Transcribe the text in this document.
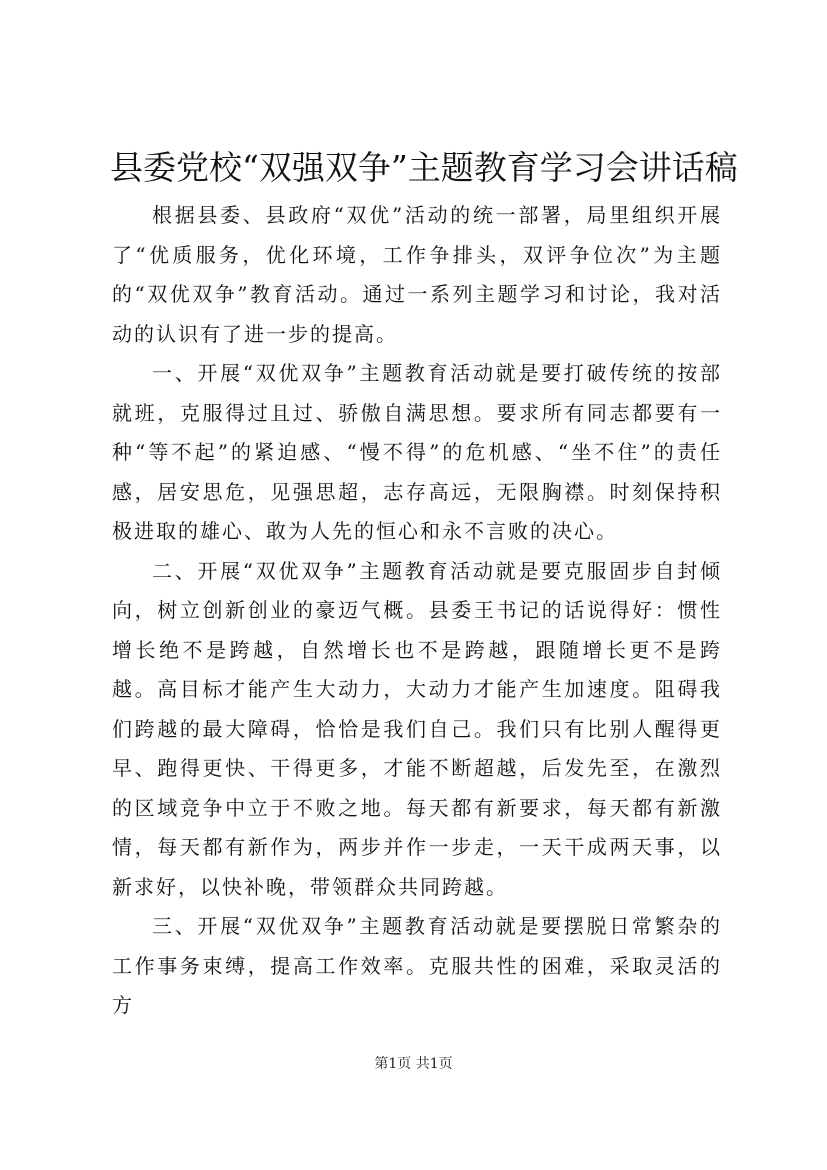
县委党校“双强双争”主题教育学习会讲话稿

根据县委、县政府“双优”活动的统一部署，局里组织开展了“优质服务，优化环境，工作争排头，双评争位次”为主题的“双优双争”教育活动。通过一系列主题学习和讨论，我对活动的认识有了进一步的提高。

一、开展“双优双争”主题教育活动就是要打破传统的按部就班，克服得过且过、骄傲自满思想。要求所有同志都要有一种“等不起”的紧迫感、“慢不得”的危机感、“坐不住”的责任感，居安思危，见强思超，志存高远，无限胸襟。时刻保持积极进取的雄心、敢为人先的恒心和永不言败的决心。

二、开展“双优双争”主题教育活动就是要克服固步自封倾向，树立创新创业的豪迈气概。县委王书记的话说得好：惯性增长绝不是跨越，自然增长也不是跨越，跟随增长更不是跨越。高目标才能产生大动力，大动力才能产生加速度。阻碍我们跨越的最大障碍，恰恰是我们自己。我们只有比别人醒得更早、跑得更快、干得更多，才能不断超越，后发先至，在激烈的区域竞争中立于不败之地。每天都有新要求，每天都有新激情，每天都有新作为，两步并作一步走，一天干成两天事，以新求好，以快补晚，带领群众共同跨越。

三、开展“双优双争”主题教育活动就是要摆脱日常繁杂的工作事务束缚，提高工作效率。克服共性的困难，采取灵活的方

第1页 共1页
